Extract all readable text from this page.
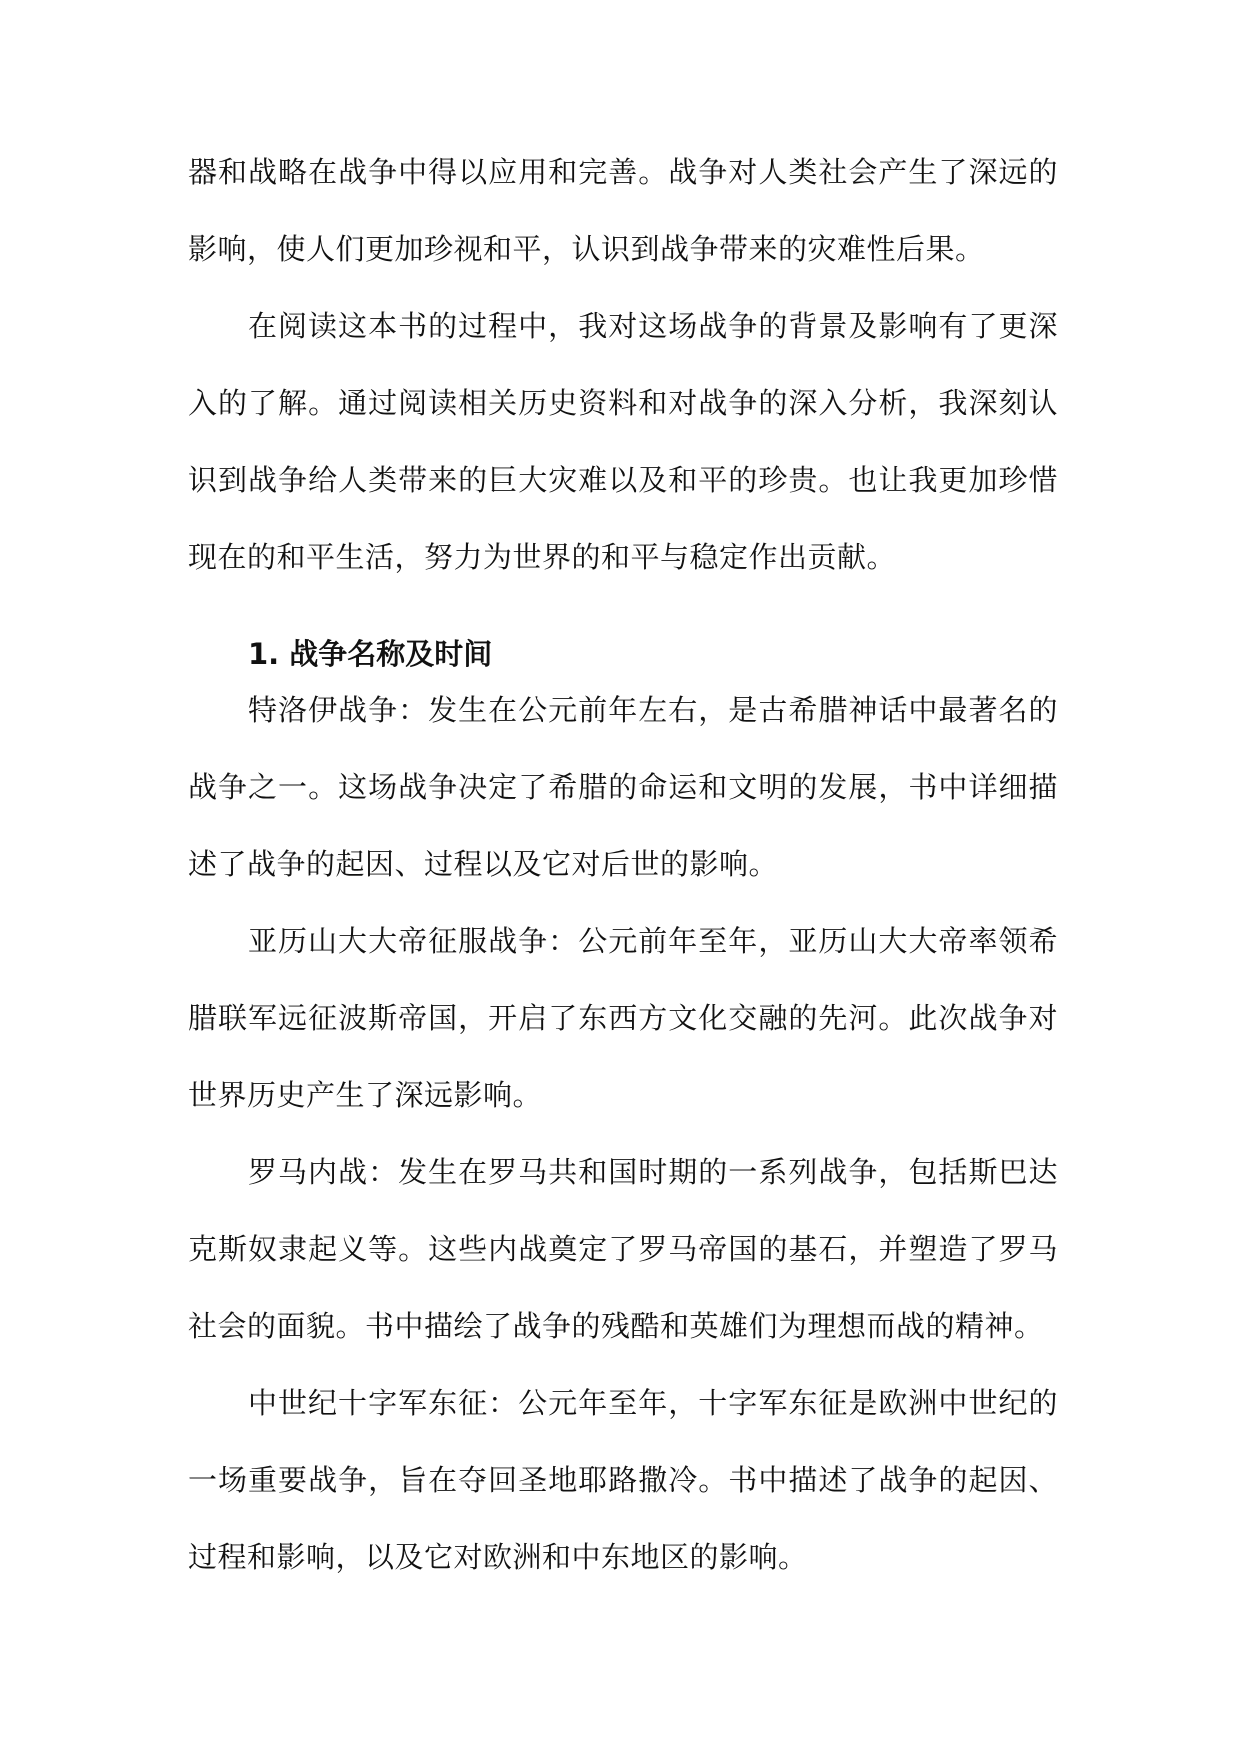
器和战略在战争中得以应用和完善。战争对人类社会产生了深远的影响，使人们更加珍视和平，认识到战争带来的灾难性后果。

在阅读这本书的过程中，我对这场战争的背景及影响有了更深入的了解。通过阅读相关历史资料和对战争的深入分析，我深刻认识到战争给人类带来的巨大灾难以及和平的珍贵。也让我更加珍惜现在的和平生活，努力为世界的和平与稳定作出贡献。

1. 战争名称及时间

特洛伊战争：发生在公元前年左右，是古希腊神话中最著名的战争之一。这场战争决定了希腊的命运和文明的发展，书中详细描述了战争的起因、过程以及它对后世的影响。

亚历山大大帝征服战争：公元前年至年，亚历山大大帝率领希腊联军远征波斯帝国，开启了东西方文化交融的先河。此次战争对世界历史产生了深远影响。

罗马内战：发生在罗马共和国时期的一系列战争，包括斯巴达克斯奴隶起义等。这些内战奠定了罗马帝国的基石，并塑造了罗马社会的面貌。书中描绘了战争的残酷和英雄们为理想而战的精神。

中世纪十字军东征：公元年至年，十字军东征是欧洲中世纪的一场重要战争，旨在夺回圣地耶路撒冷。书中描述了战争的起因、过程和影响，以及它对欧洲和中东地区的影响。
